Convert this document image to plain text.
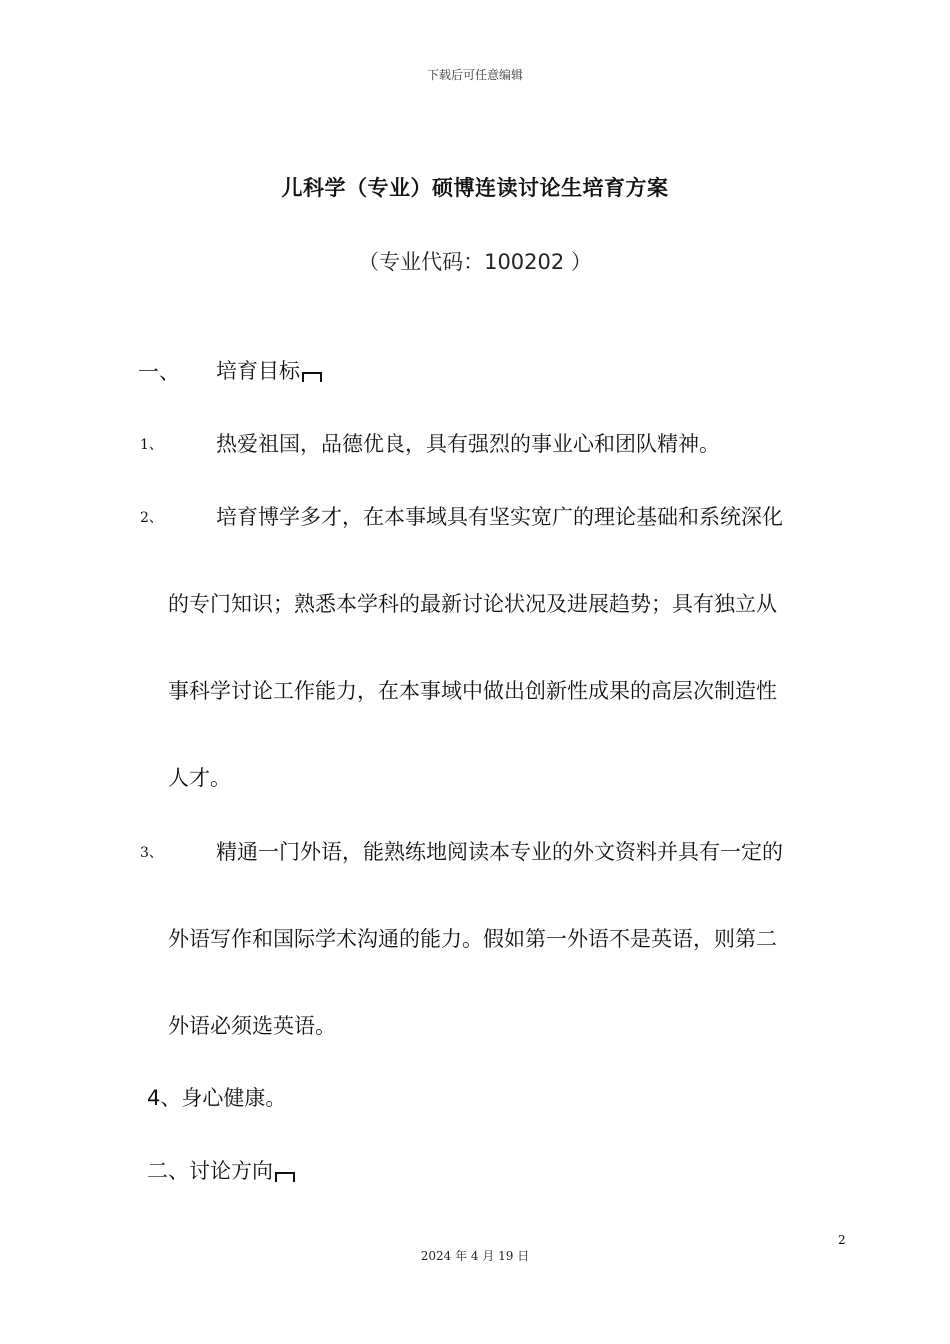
下载后可任意编辑
儿科学（专业）硕博连读讨论生培育方案
（专业代码：100202 ）
一、 培育目标
1、	热爱祖国，品德优良，具有强烈的事业心和团队精神。
2、	培育博学多才，在本事域具有坚实宽广的理论基础和系统深化
的专门知识；熟悉本学科的最新讨论状况及进展趋势；具有独立从
事科学讨论工作能力，在本事域中做出创新性成果的高层次制造性
人才。
3、	精通一门外语，能熟练地阅读本专业的外文资料并具有一定的
外语写作和国际学术沟通的能力。假如第一外语不是英语，则第二
外语必须选英语。
4、身心健康。
二、讨论方向
2
2024 年 4 月 19 日
